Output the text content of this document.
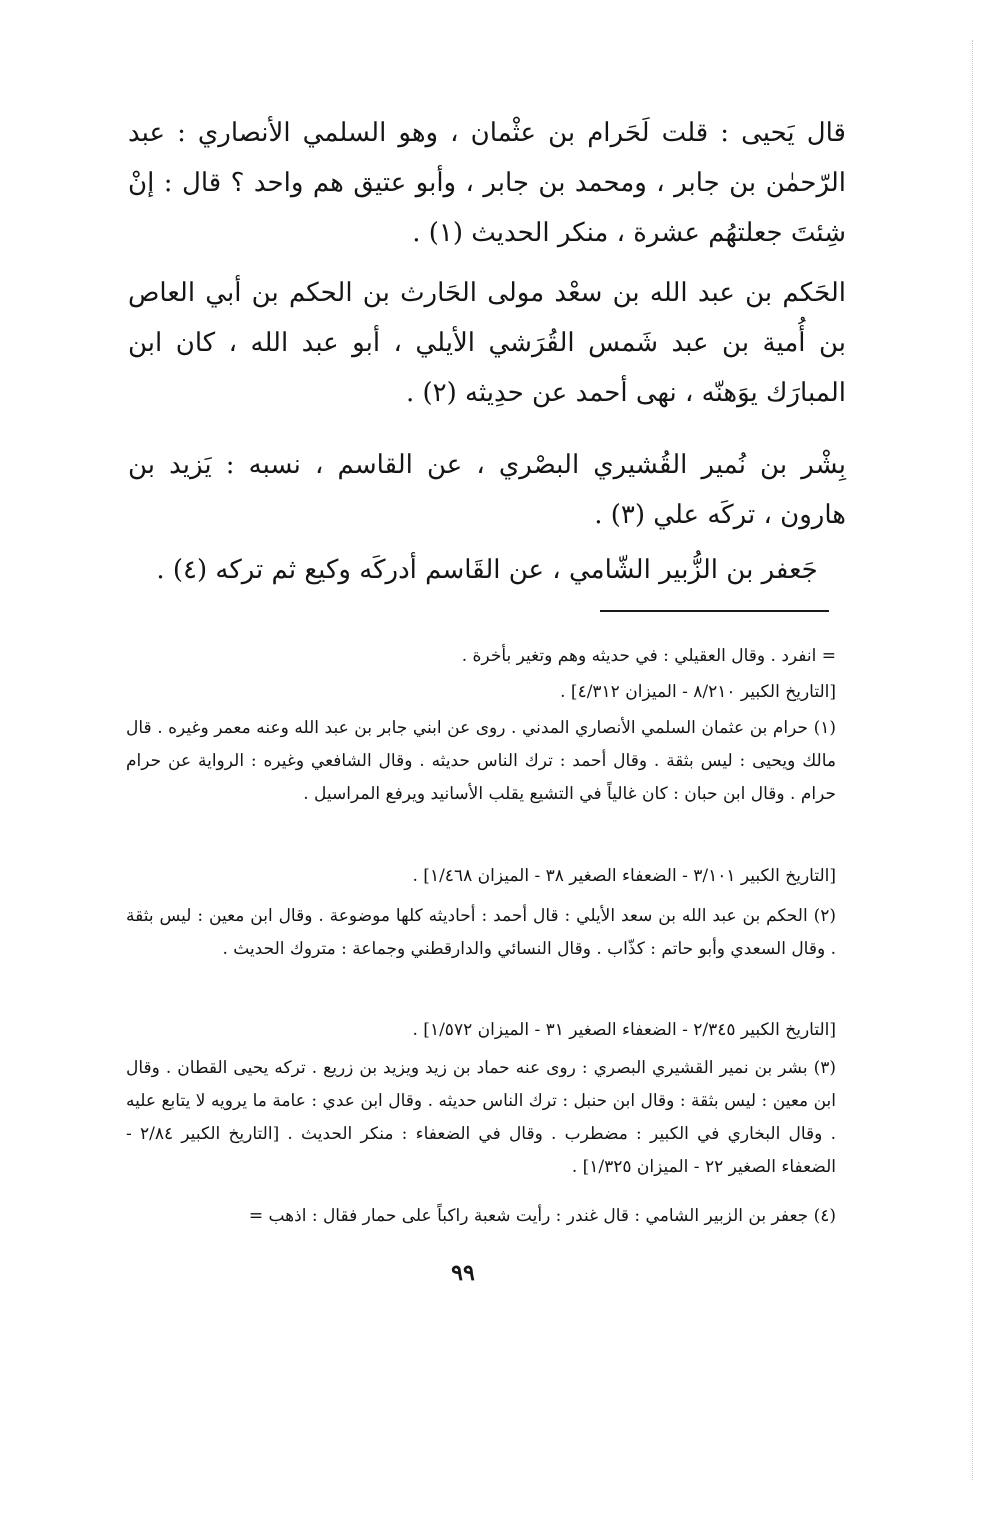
قال يَحيى : قلت لَحَرام بن عثْمان ، وهو السلمي الأنصاري : عبد الرّحمٰن بن جابر ، ومحمد بن جابر ، وأبو عتيق هم واحد ؟ قال : إنْ شِئتَ جعلتهُم عشرة ، منكر الحديث (١) .

الحَكم بن عبد الله بن سعْد مولى الحَارث بن الحكم بن أبي العاص بن أُمية بن عبد شَمس القُرَشي الأيلي ، أبو عبد الله ، كان ابن المبارَك يوَهنّه ، نهى أحمد عن حدِيثه (٢) .

بِشْر بن نُمير القُشيري البصْري ، عن القاسم ، نسبه : يَزيد بن هارون ، تركَه علي (٣) .

جَعفر بن الزُّبير الشّامي ، عن القَاسم أدركَه وكيع ثم تركه (٤) .

= انفرد . وقال العقيلي : في حديثه وهم وتغير بأخرة .

[التاريخ الكبير ٨/٢١٠ - الميزان ٤/٣١٢] .

(١) حرام بن عثمان السلمي الأنصاري المدني . روى عن ابني جابر بن عبد الله وعنه معمر وغيره . قال مالك ويحيى : ليس بثقة . وقال أحمد : ترك الناس حديثه . وقال الشافعي وغيره : الرواية عن حرام حرام . وقال ابن حبان : كان غالياً في التشيع يقلب الأسانيد ويرفع المراسيل .

[التاريخ الكبير ٣/١٠١ - الضعفاء الصغير ٣٨ - الميزان ١/٤٦٨] .

(٢) الحكم بن عبد الله بن سعد الأيلي : قال أحمد : أحاديثه كلها موضوعة . وقال ابن معين : ليس بثقة . وقال السعدي وأبو حاتم : كذّاب . وقال النسائي والدارقطني وجماعة : متروك الحديث .

[التاريخ الكبير ٢/٣٤٥ - الضعفاء الصغير ٣١ - الميزان ١/٥٧٢] .

(٣) بشر بن نمير القشيري البصري : روى عنه حماد بن زيد ويزيد بن زريع . تركه يحيى القطان . وقال ابن معين : ليس بثقة : وقال ابن حنبل : ترك الناس حديثه . وقال ابن عدي : عامة ما يرويه لا يتابع عليه . وقال البخاري في الكبير : مضطرب . وقال في الضعفاء : منكر الحديث . [التاريخ الكبير ٢/٨٤ - الضعفاء الصغير ٢٢ - الميزان ١/٣٢٥] .

(٤) جعفر بن الزبير الشامي : قال غندر : رأيت شعبة راكباً على حمار فقال : اذهب =

٩٩
